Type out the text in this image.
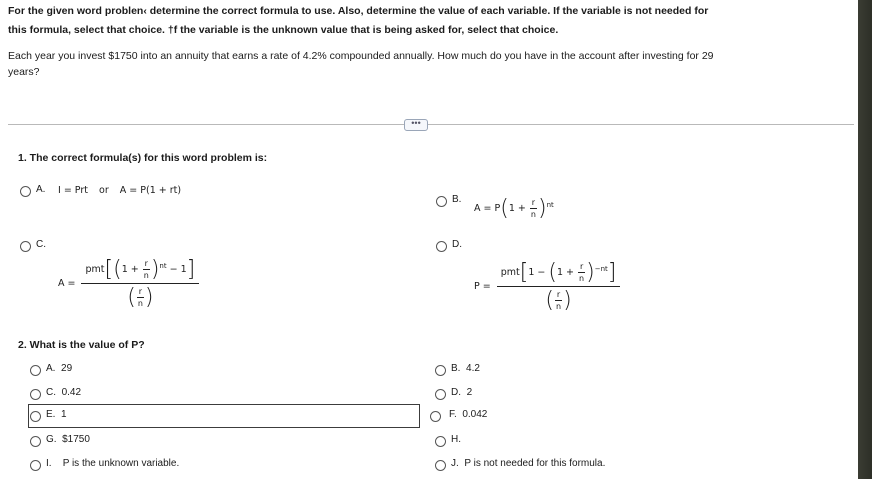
For the given word problen‹ determine the correct formula to use. Also, determine the value of each variable. If the variable is not needed for
this formula, select that choice. †f the variable is the unknown value that is being asked for, select that choice.
Each year you invest $1750 into an annuity that earns a rate of 4.2% compounded annually. How much do you have in the account after investing for 29
years?
•••
1. The correct formula(s) for this word problem is:
A. I = Prt or A = P(1 + rt)
B.
$A = P(1 + \frac{r}{n} )^{nt}$
C.
$A = \frac{pmt[(1 + \frac{r}{n} )^{nt} - 1]}{( \frac{r}{n} )}$
D.
$P = \frac{pmt[1 - (1 + \frac{r}{n} )^{-nt}]}{( \frac{r}{n} )}$
2. What is the value of P?
A. 29
C. 0.42
E. 1
G. $1750
I. P is the unknown variable.
B. 4.2
D. 2
F. 0.042
H.
J. P is not needed for this formula.
